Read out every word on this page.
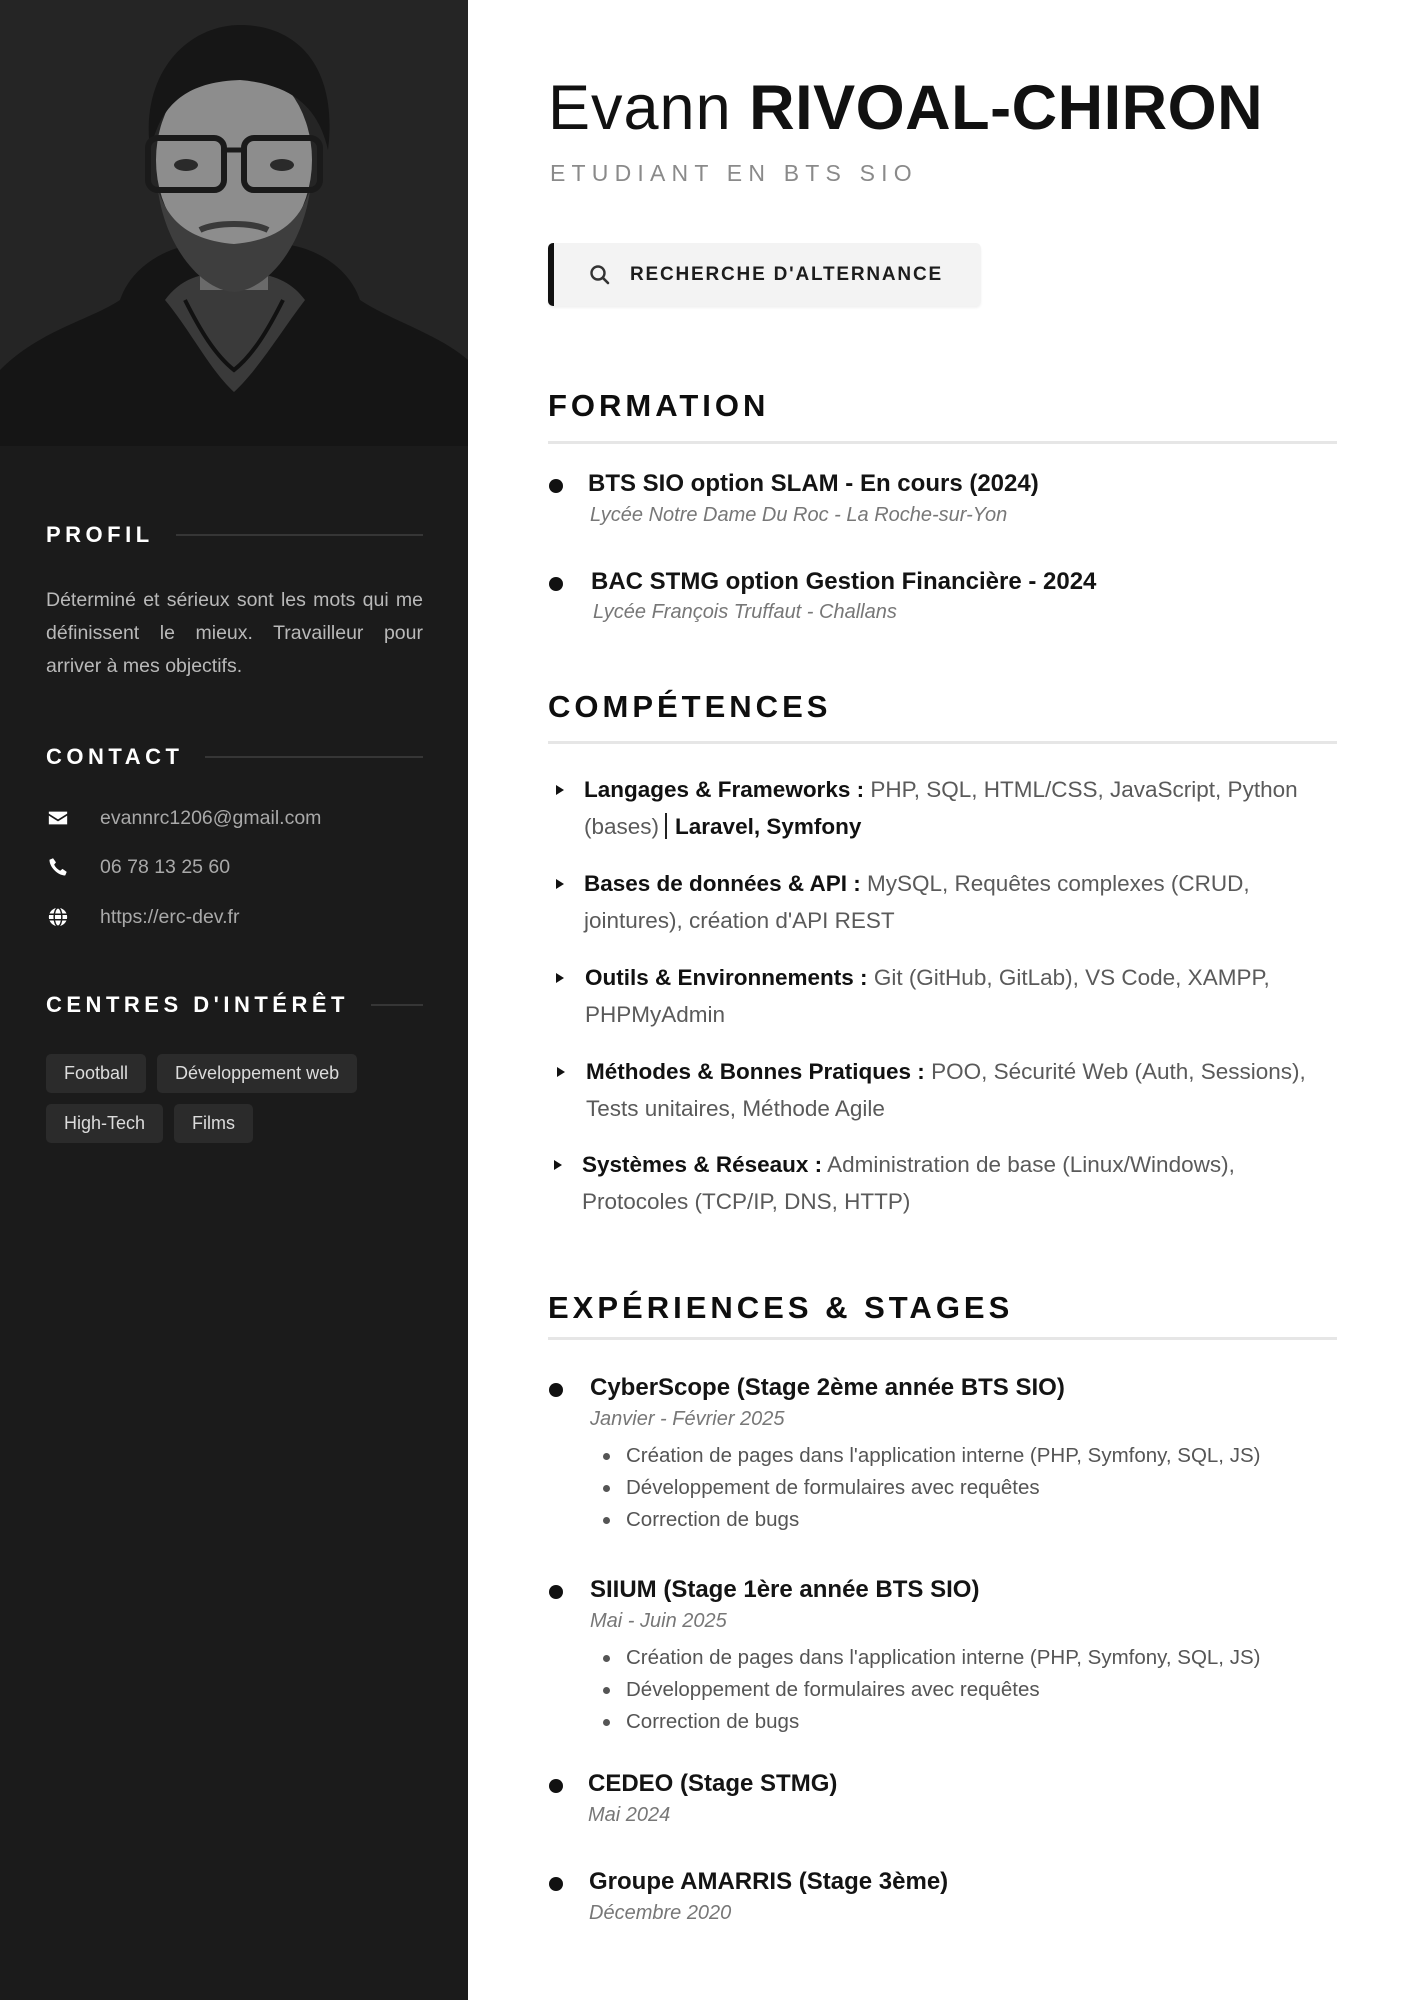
PROFIL

Déterminé et sérieux sont les mots qui me définissent le mieux. Travailleur pour arriver à mes objectifs.

CONTACT
evannrc1206@gmail.com
06 78 13 25 60
https://erc-dev.fr
CENTRES D'INTÉRÊT
Football	Développement web
High-Tech	Films
Evann RIVOAL-CHIRON
ETUDIANT EN BTS SIO
RECHERCHE D'ALTERNANCE
FORMATION
BTS SIO option SLAM - En cours (2024)
Lycée Notre Dame Du Roc - La Roche-sur-Yon
BAC STMG option Gestion Financière - 2024
Lycée François Truffaut - Challans
COMPÉTENCES
Langages & Frameworks : PHP, SQL, HTML/CSS, JavaScript, Python (bases) Laravel, Symfony
Bases de données & API : MySQL, Requêtes complexes (CRUD, jointures), création d'API REST
Outils & Environnements : Git (GitHub, GitLab), VS Code, XAMPP, PHPMyAdmin
Méthodes & Bonnes Pratiques : POO, Sécurité Web (Auth, Sessions), Tests unitaires, Méthode Agile
Systèmes & Réseaux : Administration de base (Linux/Windows), Protocoles (TCP/IP, DNS, HTTP)
EXPÉRIENCES & STAGES
CyberScope (Stage 2ème année BTS SIO)
Janvier - Février 2025
Création de pages dans l'application interne (PHP, Symfony, SQL, JS)
Développement de formulaires avec requêtes
Correction de bugs
SIIUM (Stage 1ère année BTS SIO)
Mai - Juin 2025
Création de pages dans l'application interne (PHP, Symfony, SQL, JS)
Développement de formulaires avec requêtes
Correction de bugs
CEDEO (Stage STMG)
Mai 2024
Groupe AMARRIS (Stage 3ème)
Décembre 2020
